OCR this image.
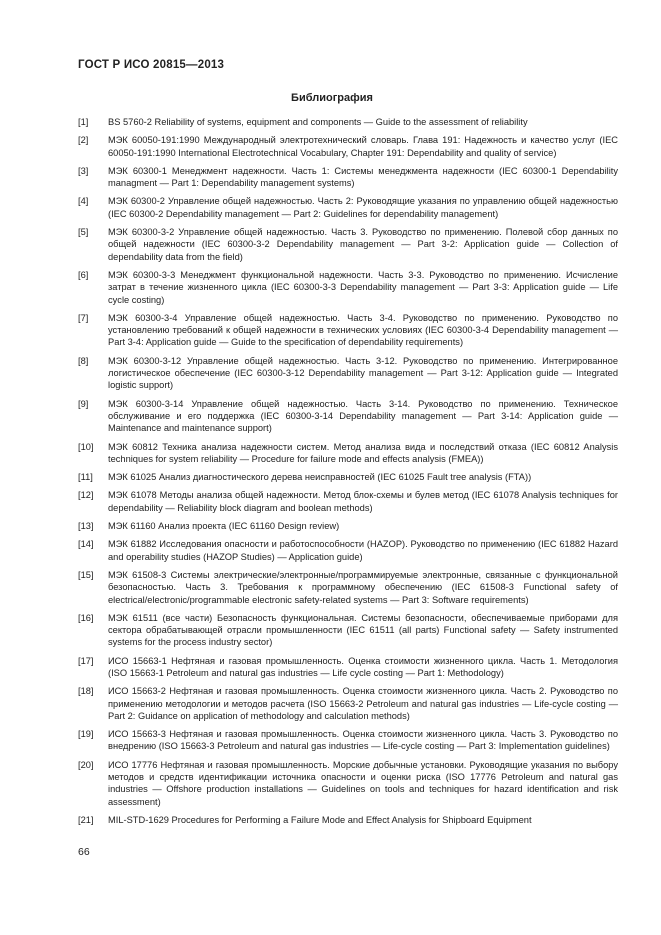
ГОСТ Р ИСО 20815—2013
Библиография
[1]	BS 5760-2 Reliability of systems, equipment and components — Guide to the assessment of reliability
[2]	МЭК 60050-191:1990 Международный электротехнический словарь. Глава 191: Надежность и качество услуг (IEC 60050-191:1990 International Electrotechnical Vocabulary, Chapter 191: Dependability and quality of service)
[3]	МЭК 60300-1 Менеджмент надежности. Часть 1: Системы менеджмента надежности (IEC 60300-1 Dependability managment — Part 1: Dependability management systems)
[4]	МЭК 60300-2 Управление общей надежностью. Часть 2: Руководящие указания по управлению общей надежностью (IEC 60300-2 Dependability management — Part 2: Guidelines for dependability management)
[5]	МЭК 60300-3-2 Управление общей надежностью. Часть 3. Руководство по применению. Полевой сбор данных по общей надежности (IEC 60300-3-2 Dependability management — Part 3-2: Application guide — Collection of dependability data from the field)
[6]	МЭК 60300-3-3 Менеджмент функциональной надежности. Часть 3-3. Руководство по применению. Исчисление затрат в течение жизненного цикла (IEC 60300-3-3 Dependability management — Part 3-3: Application guide — Life cycle costing)
[7]	МЭК 60300-3-4 Управление общей надежностью. Часть 3-4. Руководство по применению. Руководство по установлению требований к общей надежности в технических условиях (IEC 60300-3-4 Dependability management — Part 3-4: Application guide — Guide to the specification of dependability requirements)
[8]	МЭК 60300-3-12 Управление общей надежностью. Часть 3-12. Руководство по применению. Интегрированное логистическое обеспечение (IEC 60300-3-12 Dependability management — Part 3-12: Application guide — Integrated logistic support)
[9]	МЭК 60300-3-14 Управление общей надежностью. Часть 3-14. Руководство по применению. Техническое обслуживание и его поддержка (IEC 60300-3-14 Dependability management — Part 3-14: Application guide — Maintenance and maintenance support)
[10]	МЭК 60812 Техника анализа надежности систем. Метод анализа вида и последствий отказа (IEC 60812 Analysis techniques for system reliability — Procedure for failure mode and effects analysis (FMEA))
[11]	МЭК 61025 Анализ диагностического дерева неисправностей (IEC 61025 Fault tree analysis (FTA))
[12]	МЭК 61078 Методы анализа общей надежности. Метод блок-схемы и булев метод (IEC 61078 Analysis techniques for dependability — Reliability block diagram and boolean methods)
[13]	МЭК 61160 Анализ проекта (IEC 61160 Design review)
[14]	МЭК 61882 Исследования опасности и работоспособности (HAZOP). Руководство по применению (IEC 61882 Hazard and operability studies (HAZOP Studies) — Application guide)
[15]	МЭК 61508-3 Системы электрические/электронные/программируемые электронные, связанные с функциональной безопасностью. Часть 3. Требования к программному обеспечению (IEC 61508-3 Functional safety of electrical/electronic/programmable electronic safety-related systems — Part 3: Software requirements)
[16]	МЭК 61511 (все части) Безопасность функциональная. Системы безопасности, обеспечиваемые приборами для сектора обрабатывающей отрасли промышленности (IEC 61511 (all parts) Functional safety — Safety instrumented systems for the process industry sector)
[17]	ИСО 15663-1 Нефтяная и газовая промышленность. Оценка стоимости жизненного цикла. Часть 1. Методология (ISO 15663-1 Petroleum and natural gas industries — Life cycle costing — Part 1: Methodology)
[18]	ИСО 15663-2 Нефтяная и газовая промышленность. Оценка стоимости жизненного цикла. Часть 2. Руководство по применению методологии и методов расчета (ISO 15663-2 Petroleum and natural gas industries — Life-cycle costing — Part 2: Guidance on application of methodology and calculation methods)
[19]	ИСО 15663-3 Нефтяная и газовая промышленность. Оценка стоимости жизненного цикла. Часть 3. Руководство по внедрению (ISO 15663-3 Petroleum and natural gas industries — Life-cycle costing — Part 3: Implementation guidelines)
[20]	ИСО 17776 Нефтяная и газовая промышленность. Морские добычные установки. Руководящие указания по выбору методов и средств идентификации источника опасности и оценки риска (ISO 17776 Petroleum and natural gas industries — Offshore production installations — Guidelines on tools and techniques for hazard identification and risk assessment)
[21]	MIL-STD-1629 Procedures for Performing a Failure Mode and Effect Analysis for Shipboard Equipment
66
